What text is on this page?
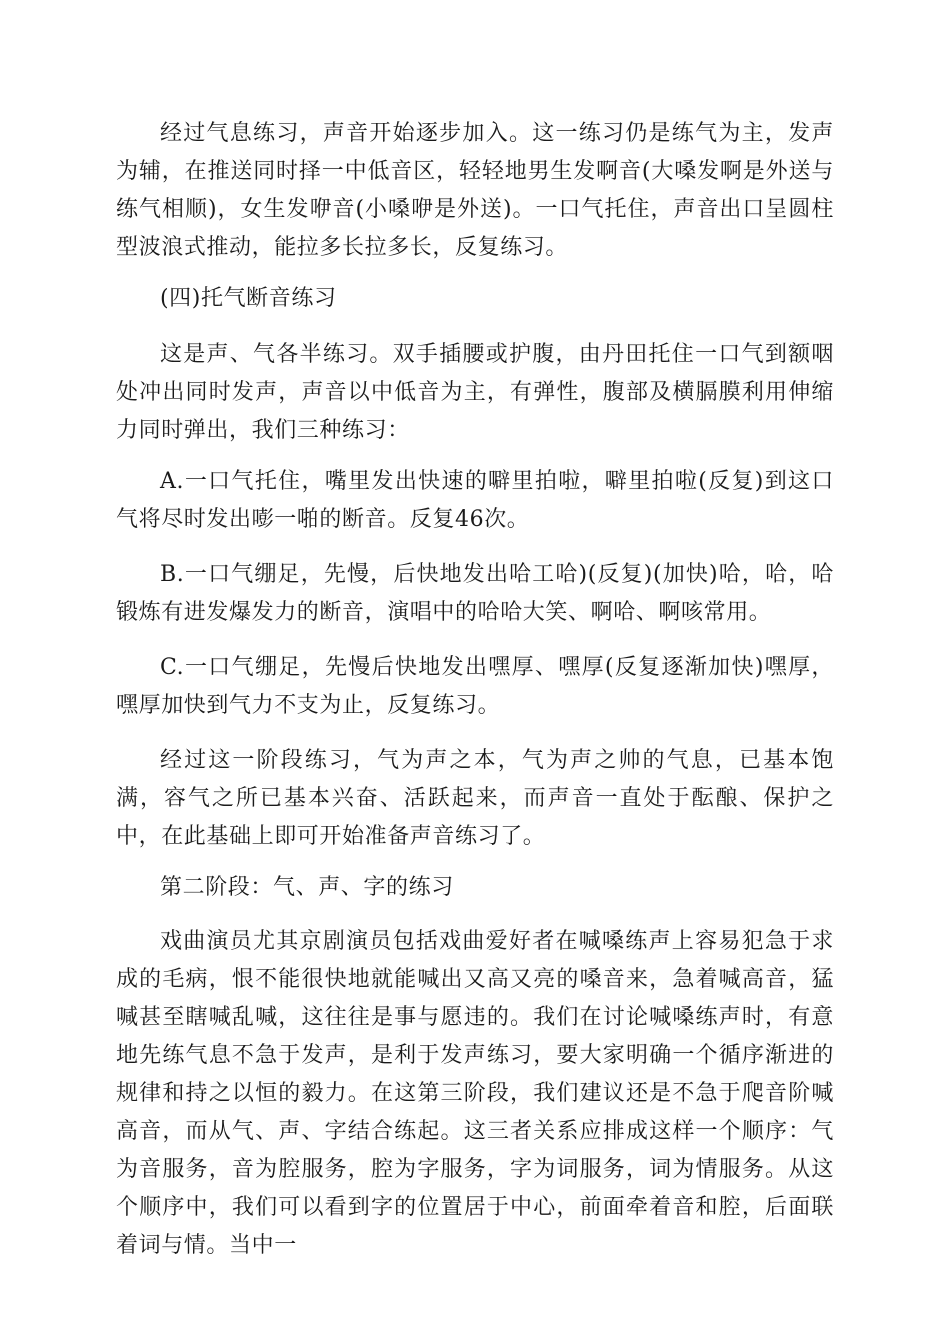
经过气息练习，声音开始逐步加入。这一练习仍是练气为主，发声为辅，在推送同时择一中低音区，轻轻地男生发啊音(大嗓发啊是外送与练气相顺)，女生发咿音(小嗓咿是外送)。一口气托住，声音出口呈圆柱型波浪式推动，能拉多长拉多长，反复练习。

(四)托气断音练习

这是声、气各半练习。双手插腰或护腹，由丹田托住一口气到额咽处冲出同时发声，声音以中低音为主，有弹性，腹部及横膈膜利用伸缩力同时弹出，我们三种练习：

A.一口气托住，嘴里发出快速的噼里拍啦，噼里拍啦(反复)到这口气将尽时发出嘭一啪的断音。反复46次。

B.一口气绷足，先慢，后快地发出哈工哈)(反复)(加快)哈，哈，哈锻炼有进发爆发力的断音，演唱中的哈哈大笑、啊哈、啊咳常用。

C.一口气绷足，先慢后快地发出嘿厚、嘿厚(反复逐渐加快)嘿厚，嘿厚加快到气力不支为止，反复练习。

经过这一阶段练习，气为声之本，气为声之帅的气息，已基本饱满，容气之所已基本兴奋、活跃起来，而声音一直处于酝酿、保护之中，在此基础上即可开始准备声音练习了。

第二阶段：气、声、字的练习

戏曲演员尤其京剧演员包括戏曲爱好者在喊嗓练声上容易犯急于求成的毛病，恨不能很快地就能喊出又高又亮的嗓音来，急着喊高音，猛喊甚至瞎喊乱喊，这往往是事与愿违的。我们在讨论喊嗓练声时，有意地先练气息不急于发声，是利于发声练习，要大家明确一个循序渐进的规律和持之以恒的毅力。在这第三阶段，我们建议还是不急于爬音阶喊高音，而从气、声、字结合练起。这三者关系应排成这样一个顺序：气为音服务，音为腔服务，腔为字服务，字为词服务，词为情服务。从这个顺序中，我们可以看到字的位置居于中心，前面牵着音和腔，后面联着词与情。当中一
